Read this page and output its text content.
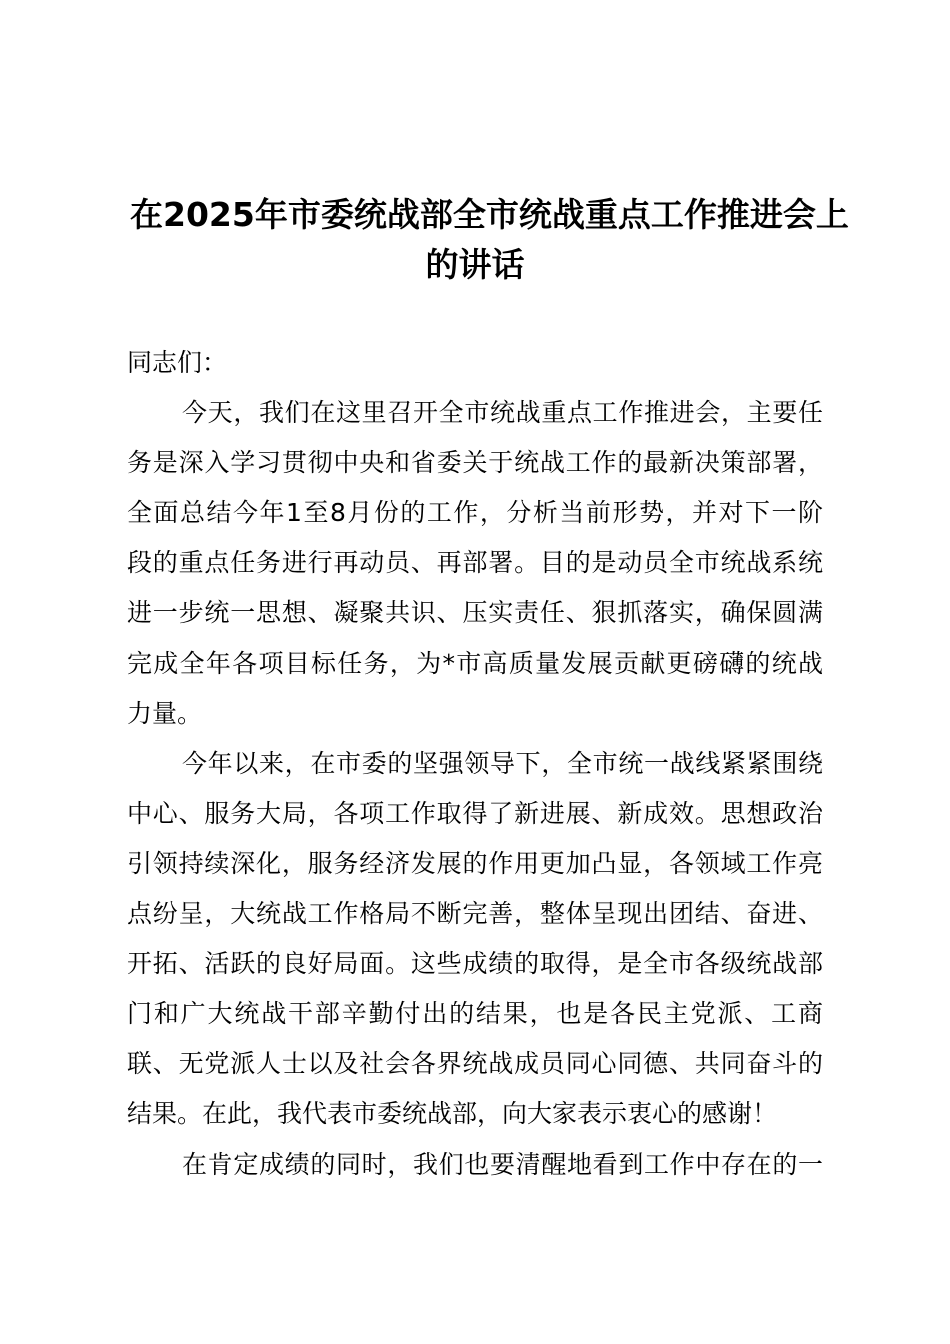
在2025年市委统战部全市统战重点工作推进会上
的讲话
同志们：
今天，我们在这里召开全市统战重点工作推进会，主要任
务是深入学习贯彻中央和省委关于统战工作的最新决策部署，
全面总结今年1至8月份的工作，分析当前形势，并对下一阶
段的重点任务进行再动员、再部署。目的是动员全市统战系统
进一步统一思想、凝聚共识、压实责任、狠抓落实，确保圆满
完成全年各项目标任务，为*市高质量发展贡献更磅礴的统战
力量。
今年以来，在市委的坚强领导下，全市统一战线紧紧围绕
中心、服务大局，各项工作取得了新进展、新成效。思想政治
引领持续深化，服务经济发展的作用更加凸显，各领域工作亮
点纷呈，大统战工作格局不断完善，整体呈现出团结、奋进、
开拓、活跃的良好局面。这些成绩的取得，是全市各级统战部
门和广大统战干部辛勤付出的结果，也是各民主党派、工商
联、无党派人士以及社会各界统战成员同心同德、共同奋斗的
结果。在此，我代表市委统战部，向大家表示衷心的感谢！
在肯定成绩的同时，我们也要清醒地看到工作中存在的一
